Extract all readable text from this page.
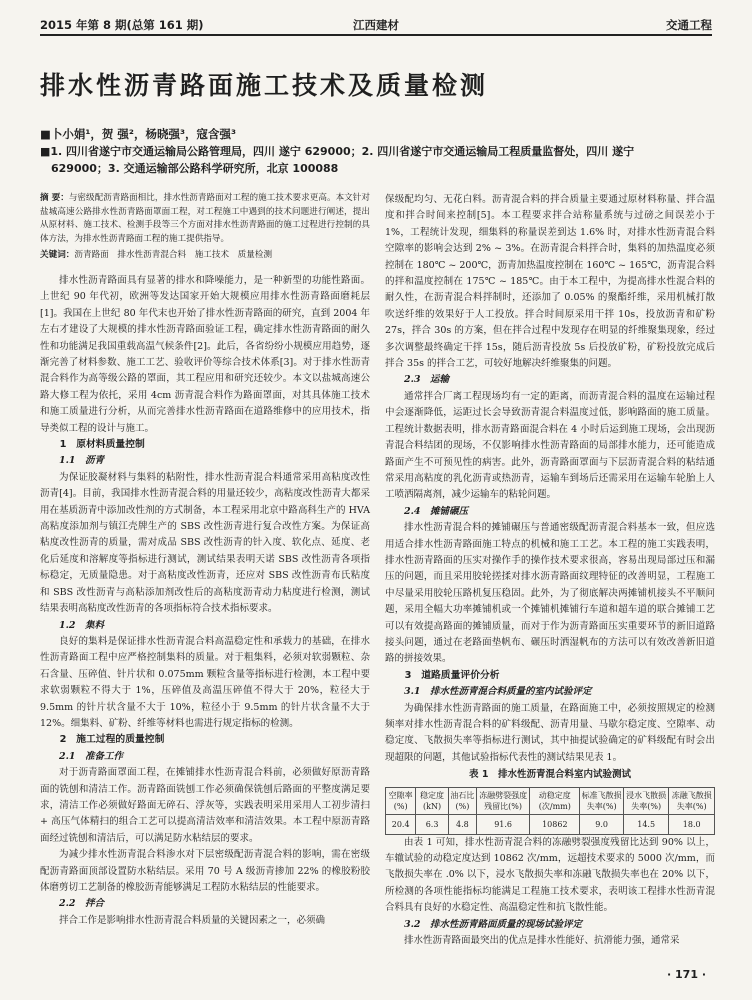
2015 年第 8 期(总第 161 期)	江西建材	交通工程
排水性沥青路面施工技术及质量检测
■卜小娟¹，贺 强²，杨晓强³，寇含强³
■1. 四川省遂宁市交通运输局公路管理局，四川 遂宁 629000；2. 四川省遂宁市交通运输局工程质量监督处，四川 遂宁
　629000；3. 交通运输部公路科学研究所，北京 100088
摘 要：与密级配沥青路面相比，排水性沥青路面对工程的施工技术要求更高。本文针对盐城高速公路排水性沥青路面罩面工程，对工程施工中遇到的技术问题进行阐述，提出从原材料、施工技术、检测手段等三个方面对排水性沥青路面的施工过程进行控制的具体方法，为排水性沥青路面工程的施工提供指导。
关键词：沥青路面　排水性沥青混合料　施工技术　质量检测

排水性沥青路面具有显著的排水和降噪能力，是一种新型的功能性路面。上世纪 90 年代初，欧洲等发达国家开始大规模应用排水性沥青路面磨耗层[1]。我国在上世纪 80 年代末也开始了排水性沥青路面的研究，直到 2004 年左右才建设了大规模的排水性沥青路面验证工程，确定排水性沥青路面的耐久性和功能满足我国重载高温气候条件[2]。此后，各省纷纷小规模应用趋势，逐渐完善了材料参数、施工工艺、验收评价等综合技术体系[3]。对于排水性沥青混合料作为高等级公路的罩面，其工程应用和研究还较少。本文以盐城高速公路大修工程为依托，采用 4cm 沥青混合料作为路面罩面，对其具体施工技术和施工质量进行分析，从而完善排水性沥青路面在道路维修中的应用技术，指导类似工程的设计与施工。

1　原材料质量控制

1.1　沥青

为保证胶凝材料与集料的粘附性，排水性沥青混合料通常采用高粘度改性沥青[4]。目前，我国排水性沥青混合料的用量还较少，高粘度改性沥青大都采用在基质沥青中添加改性剂的方式制备，本工程采用北京中路高科生产的 HVA 高粘度添加剂与镇江壳牌生产的 SBS 改性沥青进行复合改性方案。为保证高粘度改性沥青的质量，需对成品 SBS 改性沥青的针入度、软化点、延度、老化后延度和溶解度等指标进行测试，测试结果表明天诺 SBS 改性沥青各项指标稳定，无质量隐患。对于高粘度改性沥青，还应对 SBS 改性沥青布氏粘度和 SBS 改性沥青与高粘添加剂改性后的高粘度沥青动力粘度进行检测，测试结果表明高粘度改性沥青的各项指标符合技术指标要求。

1.2　集料

良好的集料是保证排水性沥青混合料高温稳定性和承载力的基础，在排水性沥青路面工程中应严格控制集料的质量。对于粗集料，必须对软弱颗粒、杂石含量、压碎值、针片状和 0.075mm 颗粒含量等指标进行检测，本工程中要求软弱颗粒不得大于 1%，压碎值及高温压碎值不得大于 20%，粒径大于 9.5mm 的针片状含量不大于 10%，粒径小于 9.5mm 的针片状含量不大于 12%。细集料、矿粉、纤维等材料也需进行规定指标的检测。

2　施工过程的质量控制

2.1　准备工作

对于沥青路面罩面工程，在摊铺排水性沥青混合料前，必须做好原沥青路面的铣刨和清洁工作。沥青路面铣刨工作必须确保铣刨后路面的平整度满足要求，清洁工作必须做好路面无碎石、浮灰等，实践表明采用采用人工初步清扫 + 高压气体精扫的组合工艺可以提高清洁效率和清洁效果。本工程中原沥青路面经过铣刨和清洁后，可以满足防水粘结层的要求。

为减少排水性沥青混合料渗水对下层密级配沥青混合料的影响，需在密级配沥青路面顶部设置防水粘结层。采用 70 号 A 级沥青掺加 22% 的橡胶粉胶体磨剪切工艺制备的橡胶沥青能够满足工程防水粘结层的性能要求。

2.2　拌合

拌合工作是影响排水性沥青混合料质量的关键因素之一，必须确

保级配均匀、无花白料。沥青混合料的拌合质量主要通过原材料称量、拌合温度和拌合时间来控制[5]。本工程要求拌合站称量系统与过磅之间误差小于 1%，工程统计发现，细集料的称量误差到达 1.6% 时，对排水性沥青混合料空隙率的影响会达到 2% ~ 3%。在沥青混合料拌合时，集料的加热温度必须控制在 180℃ ~ 200℃，沥青加热温度控制在 160℃ ~ 165℃，沥青混合料的拌和温度控制在 175℃ ~ 185℃。由于本工程中，为提高排水性混合料的耐久性，在沥青混合料拌制时，还添加了 0.05% 的聚酯纤维，采用机械打散吹送纤维的效果好于人工投放。拌合时间原采用干拌 10s，投放沥青和矿粉 27s，拌合 30s 的方案，但在拌合过程中发现存在明显的纤维聚集现象，经过多次调整最终确定干拌 15s，随后沥青投放 5s 后投放矿粉，矿粉投放完成后拌合 35s 的拌合工艺，可较好地解决纤维聚集的问题。

2.3　运输

通常拌合厂离工程现场均有一定的距离，而沥青混合料的温度在运输过程中会逐渐降低，运距过长会导致沥青混合料温度过低，影响路面的施工质量。工程统计数据表明，排水沥青路面混合料在 4 小时后运到施工现场，会出现沥青混合料结团的现场，不仅影响排水性沥青路面的局部排水能力，还可能造成路面产生不可预见性的病害。此外，沥青路面罩面与下层沥青混合料的粘结通常采用高粘度的乳化沥青或热沥青，运输车到场后还需采用在运输车轮胎上人工喷洒隔离剂，减少运输车的粘轮问题。

2.4　摊铺碾压

排水性沥青混合料的摊铺碾压与普通密级配沥青混合料基本一致，但应选用适合排水性沥青路面施工特点的机械和施工工艺。本工程的施工实践表明，排水性沥青路面的压实对操作手的操作技术要求很高，容易出现局部过压和漏压的问题，而且采用胶轮搓揉对排水沥青路面纹理特征的改善明显，工程施工中尽量采用胶轮压路机复压稳固。此外，为了彻底解决两摊铺机接头不平顺问题，采用全幅大功率摊铺机或一个摊铺机摊铺行车道和超车道的联合摊铺工艺可以有效提高路面的摊铺质量，而对于作为沥青路面压实重要环节的新旧道路接头问题，通过在老路面垫帆布、碾压时洒湿帆布的方法可以有效改善新旧道路的拼接效果。

3　道路质量评价分析

3.1　排水性沥青混合料质量的室内试验评定

为确保排水性沥青路面的施工质量，在路面施工中，必须按照规定的检测频率对排水性沥青混合料的矿料级配、沥青用量、马歇尔稳定度、空隙率、动稳定度、飞散损失率等指标进行测试，其中抽提试验确定的矿料级配有时会出现超限的问题，其他试验指标代表性的测试结果见表 1。

表 1　排水性沥青混合料室内试验测试
空隙率(%)	稳定度(kN)	油石比(%)	冻融劈裂强度残留比(%)	动稳定度(次/mm)	标准飞散损失率(%)	浸水飞散损失率(%)	冻融飞散损失率(%)
20.4	6.3	4.8	91.6	10862	9.0	14.5	18.0

由表 1 可知，排水性沥青混合料的冻融劈裂强度残留比达到 90% 以上，车辙试验的动稳定度达到 10862 次/mm，远超技术要求的 5000 次/mm，而飞散损失率在 .0% 以下，浸水飞散损失率和冻融飞散损失率也在 20% 以下，所检测的各项性能指标均能满足工程施工技术要求，表明该工程排水性沥青混合料具有良好的水稳定性、高温稳定性和抗飞散性能。

3.2　排水性沥青路面质量的现场试验评定

排水性沥青路面最突出的优点是排水性能好、抗滑能力强，通常采

· 171 ·
